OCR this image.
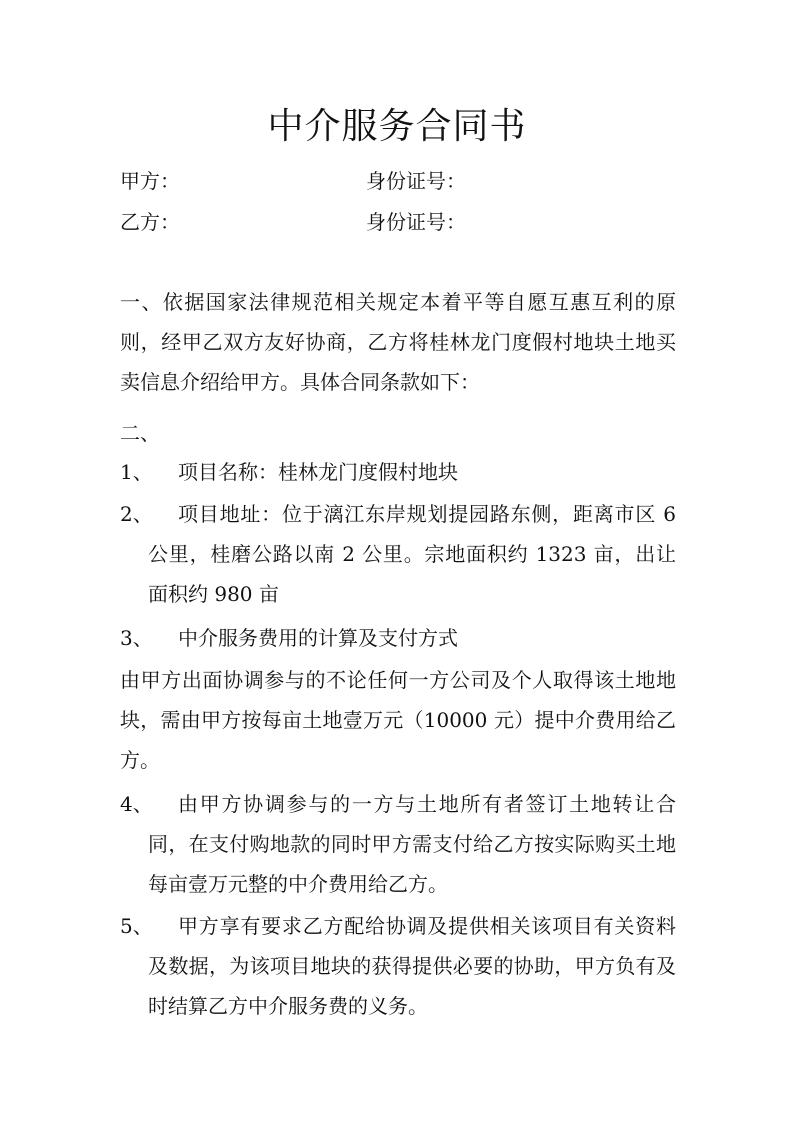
中介服务合同书
甲方：	身份证号：
乙方：	身份证号：
一、依据国家法律规范相关规定本着平等自愿互惠互利的原则，经甲乙双方友好协商，乙方将桂林龙门度假村地块土地买卖信息介绍给甲方。具体合同条款如下：
二、
1、	项目名称：桂林龙门度假村地块
2、	项目地址：位于漓江东岸规划提园路东侧，距离市区 6 公里，桂磨公路以南 2 公里。宗地面积约 1323 亩，出让面积约 980 亩
3、	中介服务费用的计算及支付方式
由甲方出面协调参与的不论任何一方公司及个人取得该土地地块，需由甲方按每亩土地壹万元（10000 元）提中介费用给乙方。
4、	由甲方协调参与的一方与土地所有者签订土地转让合同，在支付购地款的同时甲方需支付给乙方按实际购买土地每亩壹万元整的中介费用给乙方。
5、	甲方享有要求乙方配给协调及提供相关该项目有关资料及数据，为该项目地块的获得提供必要的协助，甲方负有及时结算乙方中介服务费的义务。
